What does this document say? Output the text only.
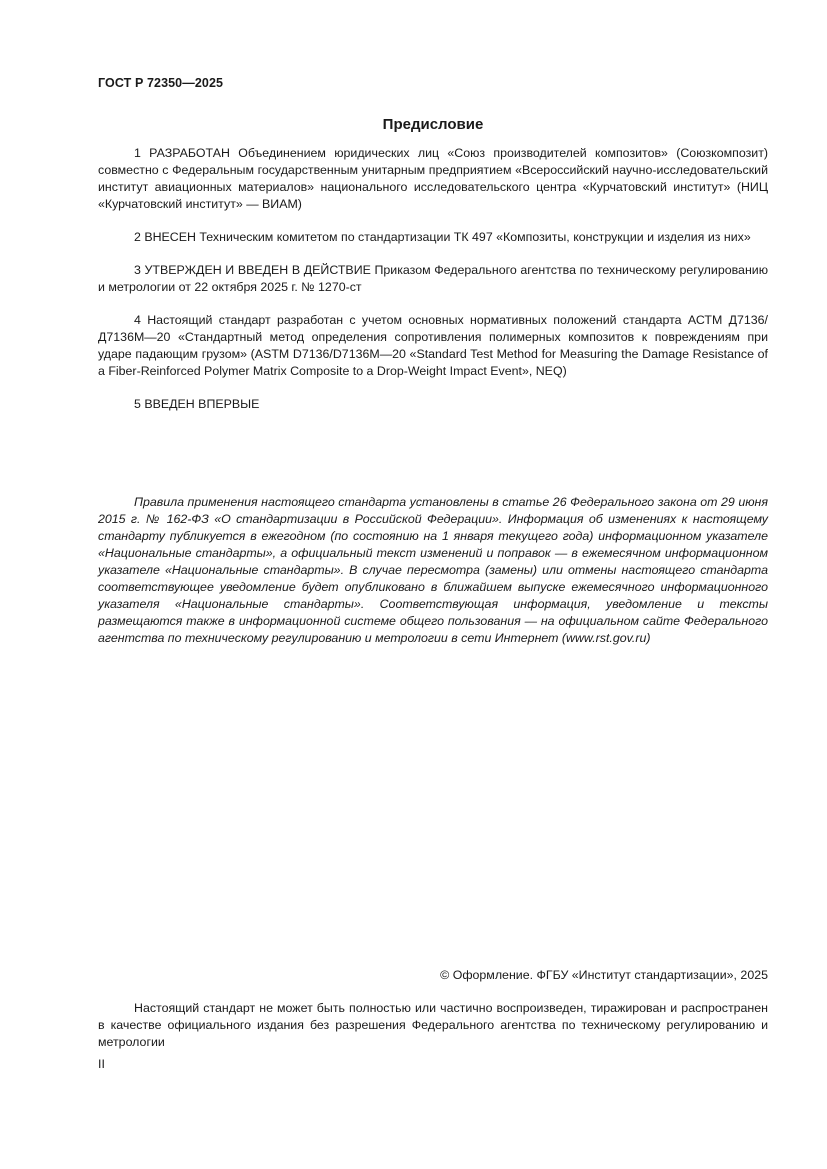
ГОСТ Р 72350—2025
Предисловие

1 РАЗРАБОТАН Объединением юридических лиц «Союз производителей композитов» (Союзкомпозит) совместно с Федеральным государственным унитарным предприятием «Всероссийский научно-исследовательский институт авиационных материалов» национального исследовательского центра «Курчатовский институт» (НИЦ «Курчатовский институт» — ВИАМ)

2 ВНЕСЕН Техническим комитетом по стандартизации ТК 497 «Композиты, конструкции и изделия из них»

3 УТВЕРЖДЕН И ВВЕДЕН В ДЕЙСТВИЕ Приказом Федерального агентства по техническому регулированию и метрологии от 22 октября 2025 г. № 1270-ст

4 Настоящий стандарт разработан с учетом основных нормативных положений стандарта АСТМ Д7136/Д7136М—20 «Стандартный метод определения сопротивления полимерных композитов к повреждениям при ударе падающим грузом» (ASTM D7136/D7136M—20 «Standard Test Method for Measuring the Damage Resistance of a Fiber-Reinforced Polymer Matrix Composite to a Drop-Weight Impact Event», NEQ)

5 ВВЕДЕН ВПЕРВЫЕ

Правила применения настоящего стандарта установлены в статье 26 Федерального закона от 29 июня 2015 г. № 162-ФЗ «О стандартизации в Российской Федерации». Информация об изменениях к настоящему стандарту публикуется в ежегодном (по состоянию на 1 января текущего года) информационном указателе «Национальные стандарты», а официальный текст изменений и поправок — в ежемесячном информационном указателе «Национальные стандарты». В случае пересмотра (замены) или отмены настоящего стандарта соответствующее уведомление будет опубликовано в ближайшем выпуске ежемесячного информационного указателя «Национальные стандарты». Соответствующая информация, уведомление и тексты размещаются также в информационной системе общего пользования — на официальном сайте Федерального агентства по техническому регулированию и метрологии в сети Интернет (www.rst.gov.ru)

© Оформление. ФГБУ «Институт стандартизации», 2025

Настоящий стандарт не может быть полностью или частично воспроизведен, тиражирован и распространен в качестве официального издания без разрешения Федерального агентства по техническому регулированию и метрологии

II
